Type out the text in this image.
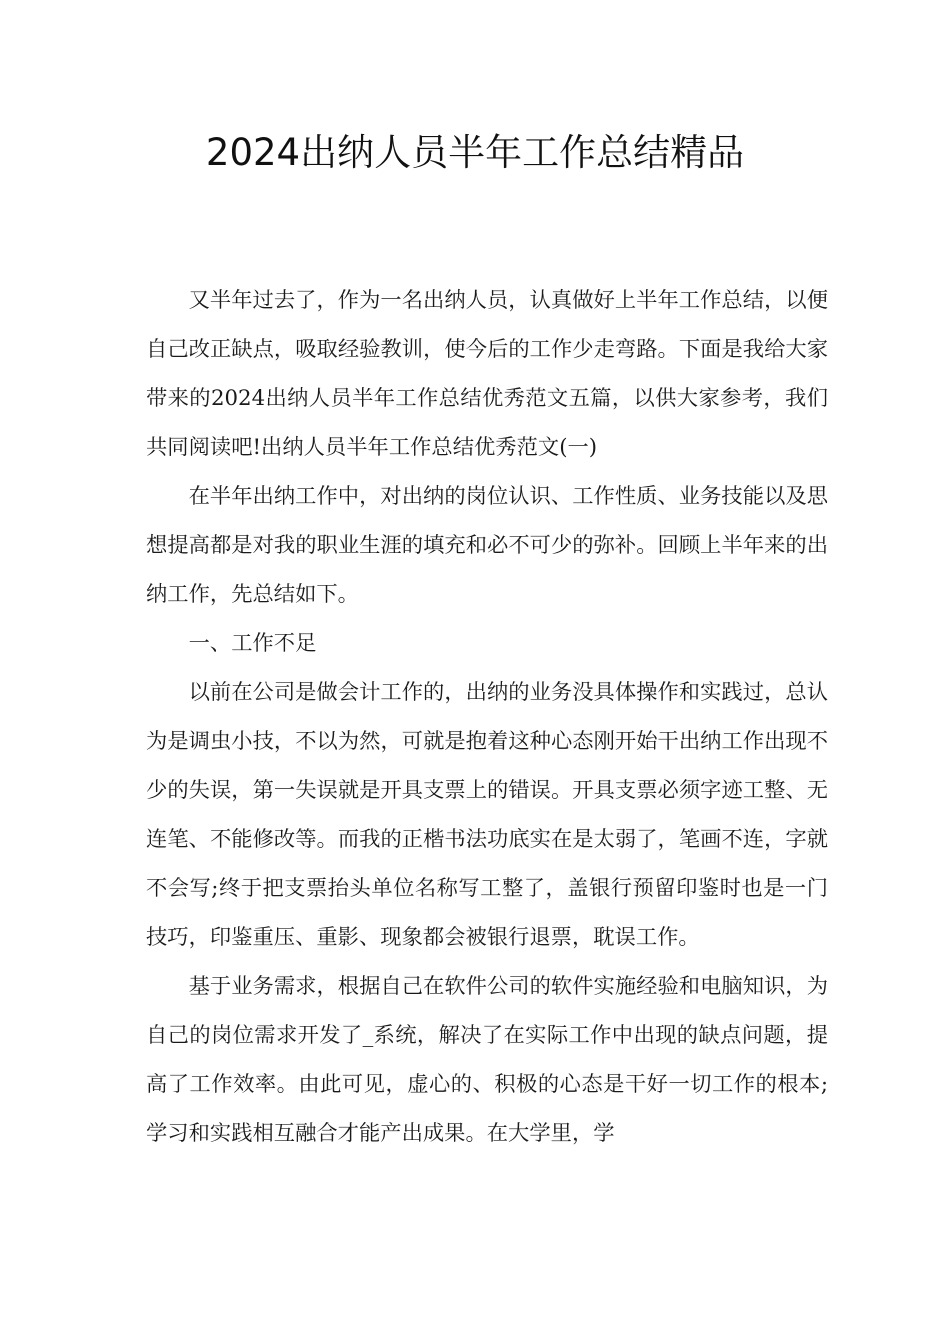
2024出纳人员半年工作总结精品

又半年过去了，作为一名出纳人员，认真做好上半年工作总结，以便自己改正缺点，吸取经验教训，使今后的工作少走弯路。下面是我给大家带来的2024出纳人员半年工作总结优秀范文五篇，以供大家参考，我们共同阅读吧!出纳人员半年工作总结优秀范文(一)

在半年出纳工作中，对出纳的岗位认识、工作性质、业务技能以及思想提高都是对我的职业生涯的填充和必不可少的弥补。回顾上半年来的出纳工作，先总结如下。

一、工作不足

以前在公司是做会计工作的，出纳的业务没具体操作和实践过，总认为是调虫小技，不以为然，可就是抱着这种心态刚开始干出纳工作出现不少的失误，第一失误就是开具支票上的错误。开具支票必须字迹工整、无连笔、不能修改等。而我的正楷书法功底实在是太弱了，笔画不连，字就不会写;终于把支票抬头单位名称写工整了，盖银行预留印鉴时也是一门技巧，印鉴重压、重影、现象都会被银行退票，耽误工作。

基于业务需求，根据自己在软件公司的软件实施经验和电脑知识，为自己的岗位需求开发了_系统，解决了在实际工作中出现的缺点问题，提高了工作效率。由此可见，虚心的、积极的心态是干好一切工作的根本;学习和实践相互融合才能产出成果。在大学里，学
